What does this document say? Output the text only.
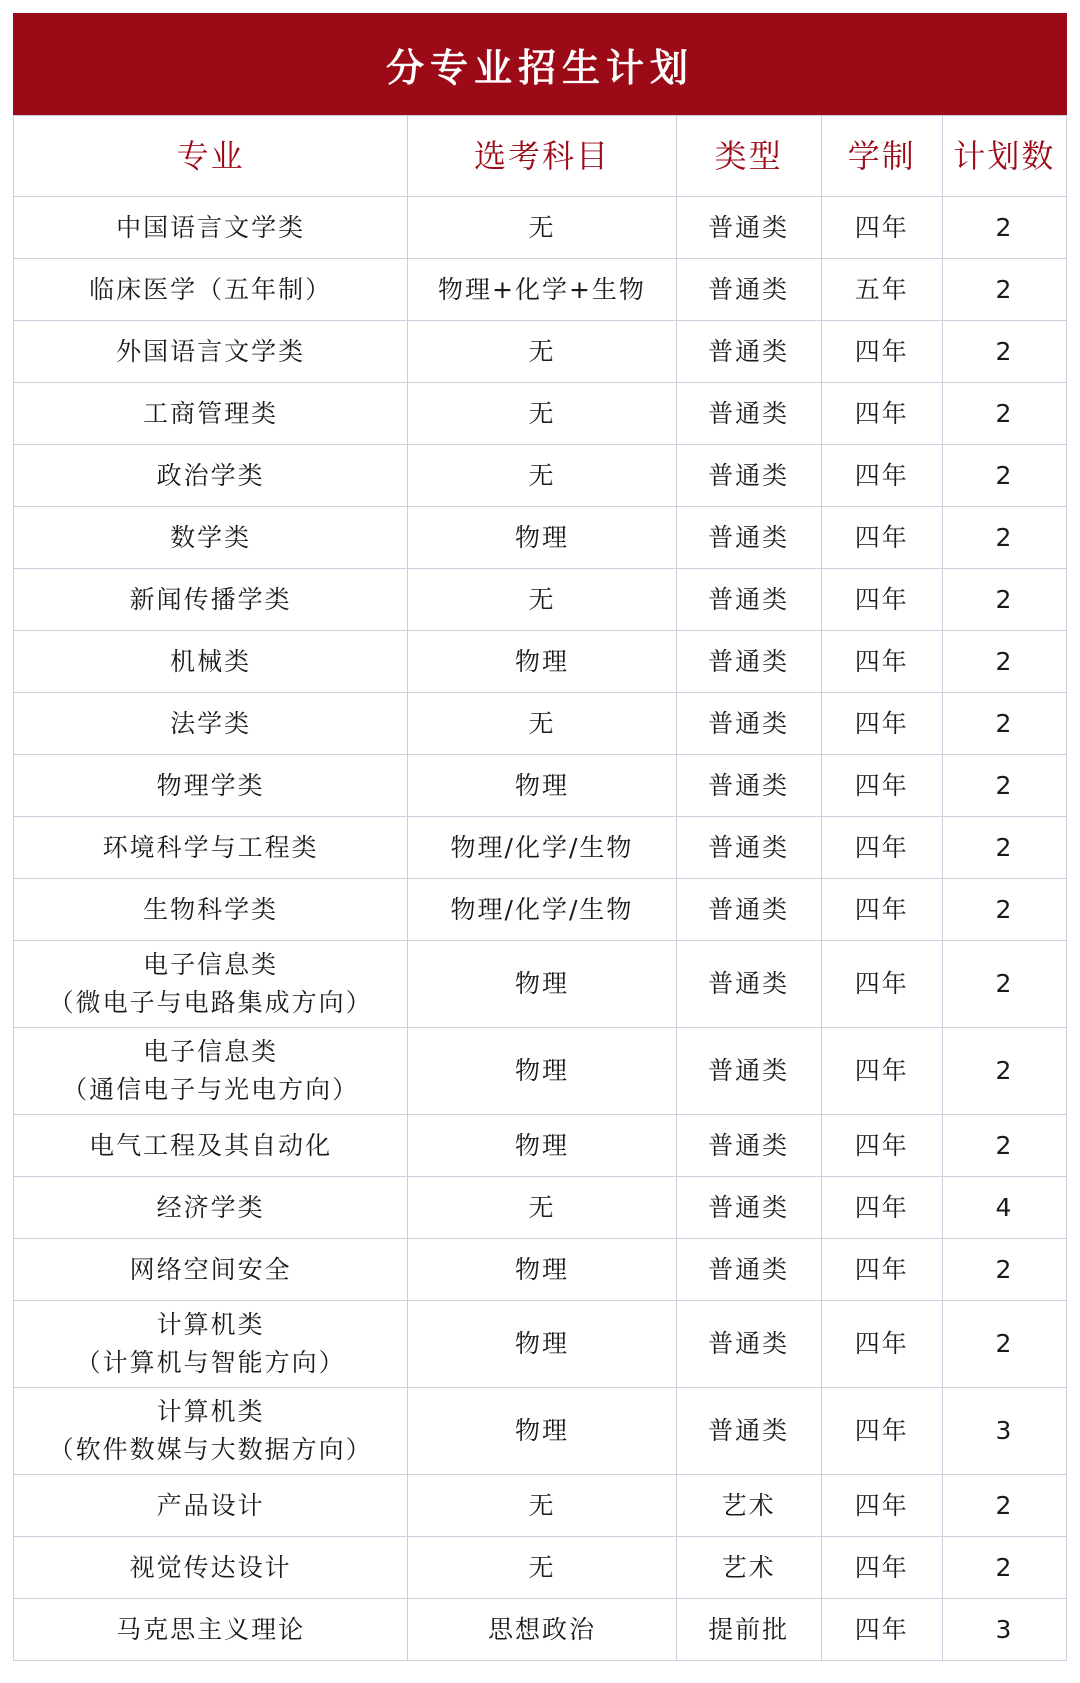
分专业招生计划
专业	选考科目	类型	学制	计划数

中国语言文学类	无	普通类	四年	2

临床医学（五年制）	物理+化学+生物	普通类	五年	2

外国语言文学类	无	普通类	四年	2

工商管理类	无	普通类	四年	2

政治学类	无	普通类	四年	2

数学类	物理	普通类	四年	2

新闻传播学类	无	普通类	四年	2

机械类	物理	普通类	四年	2

法学类	无	普通类	四年	2

物理学类	物理	普通类	四年	2

环境科学与工程类	物理/化学/生物	普通类	四年	2

生物科学类	物理/化学/生物	普通类	四年	2

电子信息类
（微电子与电路集成方向）	物理	普通类	四年	2

电子信息类
（通信电子与光电方向）	物理	普通类	四年	2

电气工程及其自动化	物理	普通类	四年	2

经济学类	无	普通类	四年	4

网络空间安全	物理	普通类	四年	2

计算机类
（计算机与智能方向）	物理	普通类	四年	2

计算机类
（软件数媒与大数据方向）	物理	普通类	四年	3

产品设计	无	艺术	四年	2

视觉传达设计	无	艺术	四年	2

马克思主义理论	思想政治	提前批	四年	3
